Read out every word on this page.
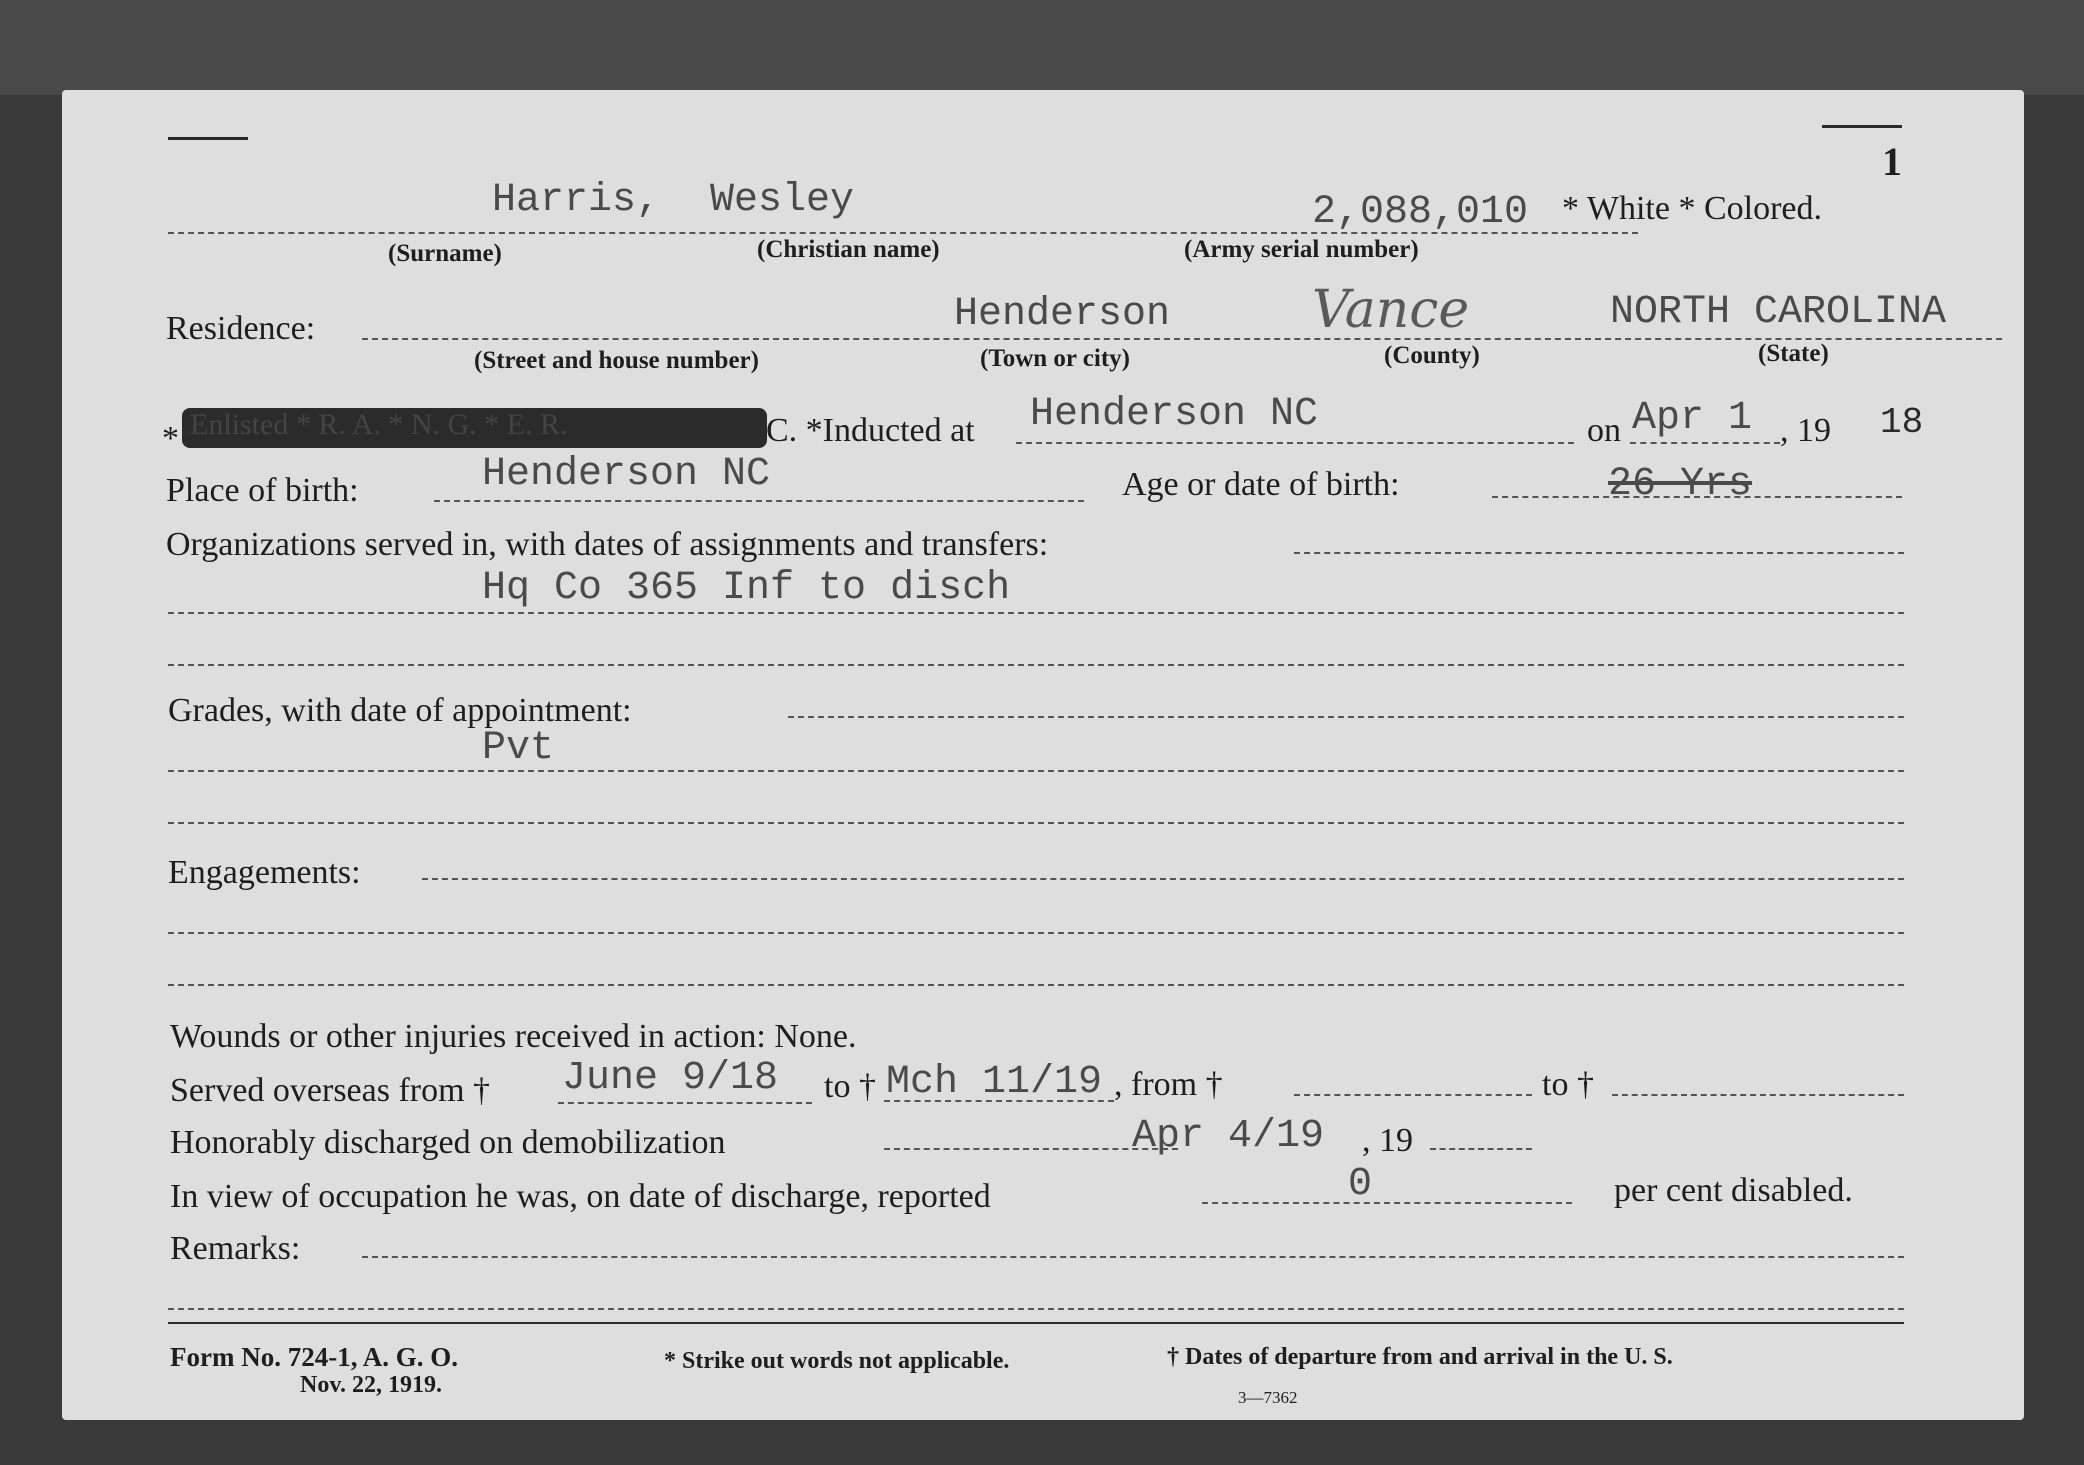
1
Harris, Wesley	2,088,010 * White * Colored.
(Surname)	(Christian name)	(Army serial number)
Residence:	Henderson	Vance	NORTH CAROLINA
(Street and house number)	(Town or city)	(County)	(State)
* Enlisted * R. A. * N. G. * E. R.	C. *Inducted at Henderson NC	on Apr 1 , 19 18
Place of birth:	Henderson NC	Age or date of birth:	26 Yrs
Organizations served in, with dates of assignments and transfers:
Hq Co 365 Inf to disch
Grades, with date of appointment:
Pvt
Engagements:
Wounds or other injuries received in action: None.
Served overseas from † June 9/18 to † Mch 11/19 , from †	to †
Honorably discharged on demobilization	Apr 4/19 , 19
0
In view of occupation he was, on date of discharge, reported	per cent disabled.
Remarks:
Form No. 724-1, A. G. O.
Nov. 22, 1919.
* Strike out words not applicable.	† Dates of departure from and arrival in the U. S.
3—7362
